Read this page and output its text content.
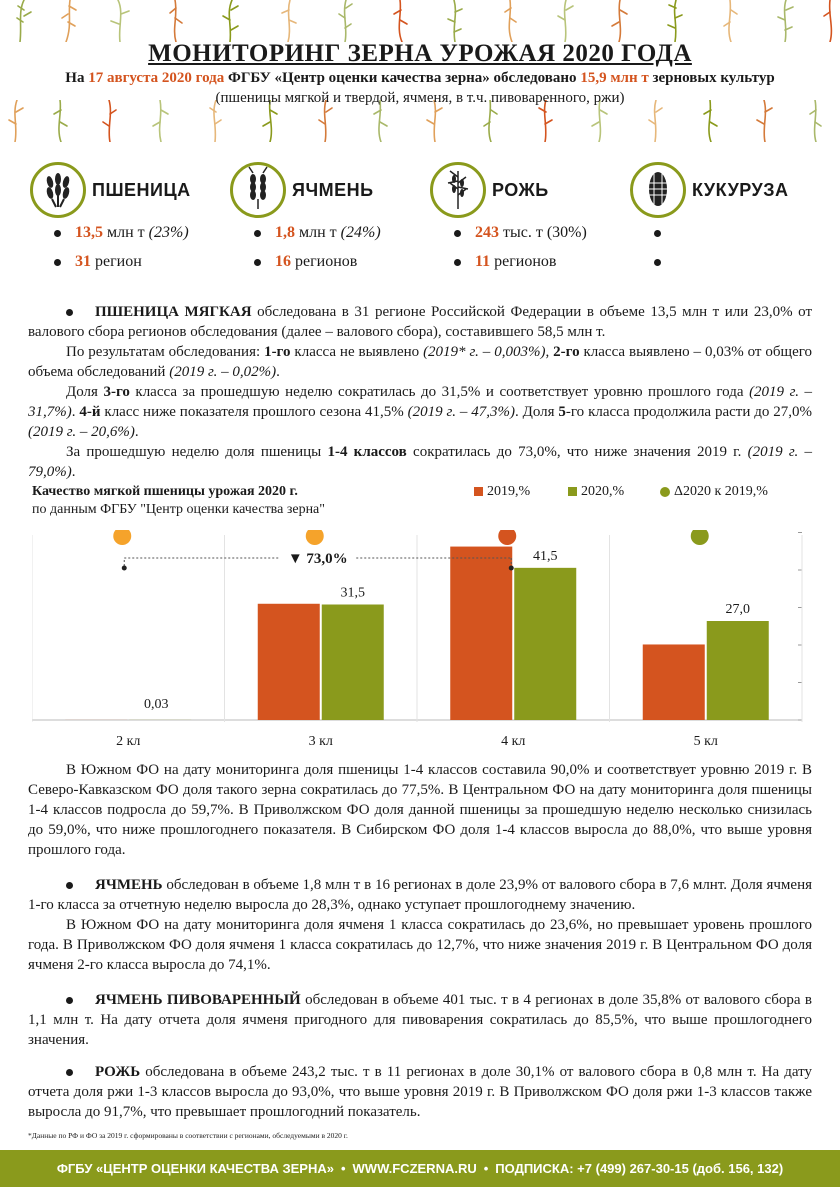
МОНИТОРИНГ ЗЕРНА УРОЖАЯ 2020 ГОДА
На 17 августа 2020 года ФГБУ «Центр оценки качества зерна» обследовано 15,9 млн т зерновых культур
(пшеницы мягкой и твердой, ячменя, в т.ч. пивоваренного, ржи)
ПШЕНИЦА
13,5 млн т (23%)
31 регион
ЯЧМЕНЬ
1,8 млн т (24%)
16 регионов
РОЖЬ
243 тыс. т (30%)
11 регионов
КУКУРУЗА
ПШЕНИЦА МЯГКАЯ обследована в 31 регионе Российской Федерации в объеме 13,5 млн т или 23,0% от валового сбора регионов обследования (далее – валового сбора), составившего 58,5 млн т.
По результатам обследования: 1-го класса не выявлено (2019* г. – 0,003%), 2-го класса выявлено – 0,03% от общего объема обследований (2019 г. – 0,02%).
Доля 3-го класса за прошедшую неделю сократилась до 31,5% и соответствует уровню прошлого года (2019 г. – 31,7%). 4-й класс ниже показателя прошлого сезона 41,5% (2019 г. – 47,3%). Доля 5-го класса продолжила расти до 27,0% (2019 г. – 20,6%).
За прошедшую неделю доля пшеницы 1-4 классов сократилась до 73,0%, что ниже значения 2019 г. (2019 г. – 79,0%).
Качество мягкой пшеницы урожая 2020 г.
по данным ФГБУ "Центр оценки качества зерна"
2019,%	2020,%	Δ2020 к 2019,%
0,03
2 кл
31,5
3 кл
41,5
4 кл
27,0
5 кл
▼ 73,0%
В Южном ФО на дату мониторинга доля пшеницы 1-4 классов составила 90,0% и соответствует уровню 2019 г. В Северо-Кавказском ФО доля такого зерна сократилась до 77,5%. В Центральном ФО на дату мониторинга доля пшеницы 1-4 классов подросла до 59,7%. В Приволжском ФО доля данной пшеницы за прошедшую неделю несколько снизилась до 59,0%, что ниже прошлогоднего показателя. В Сибирском ФО доля 1-4 классов выросла до 88,0%, что выше уровня прошлого года.
ЯЧМЕНЬ обследован в объеме 1,8 млн т в 16 регионах в доле 23,9% от валового сбора в 7,6 млнт. Доля ячменя 1-го класса за отчетную неделю выросла до 28,3%, однако уступает прошлогоднему значению.
В Южном ФО на дату мониторинга доля ячменя 1 класса сократилась до 23,6%, но превышает уровень прошлого года. В Приволжском ФО доля ячменя 1 класса сократилась до 12,7%, что ниже значения 2019 г. В Центральном ФО доля ячменя 2-го класса выросла до 74,1%.
ЯЧМЕНЬ ПИВОВАРЕННЫЙ обследован в объеме 401 тыс. т в 4 регионах в доле 35,8% от валового сбора в 1,1 млн т. На дату отчета доля ячменя пригодного для пивоварения сократилась до 85,5%, что выше прошлогоднего значения.
РОЖЬ обследована в объеме 243,2 тыс. т в 11 регионах в доле 30,1% от валового сбора в 0,8 млн т. На дату отчета доля ржи 1-3 классов выросла до 93,0%, что выше уровня 2019 г. В Приволжском ФО доля ржи 1-3 классов также выросла до 91,7%, что превышает прошлогодний показатель.
*Данные по РФ и ФО за 2019 г. сформированы в соответствии с регионами, обследуемыми в 2020 г.
ФГБУ «ЦЕНТР ОЦЕНКИ КАЧЕСТВА ЗЕРНА» • WWW.FCZERNA.RU • ПОДПИСКА: +7 (499) 267-30-15 (доб. 156, 132)
